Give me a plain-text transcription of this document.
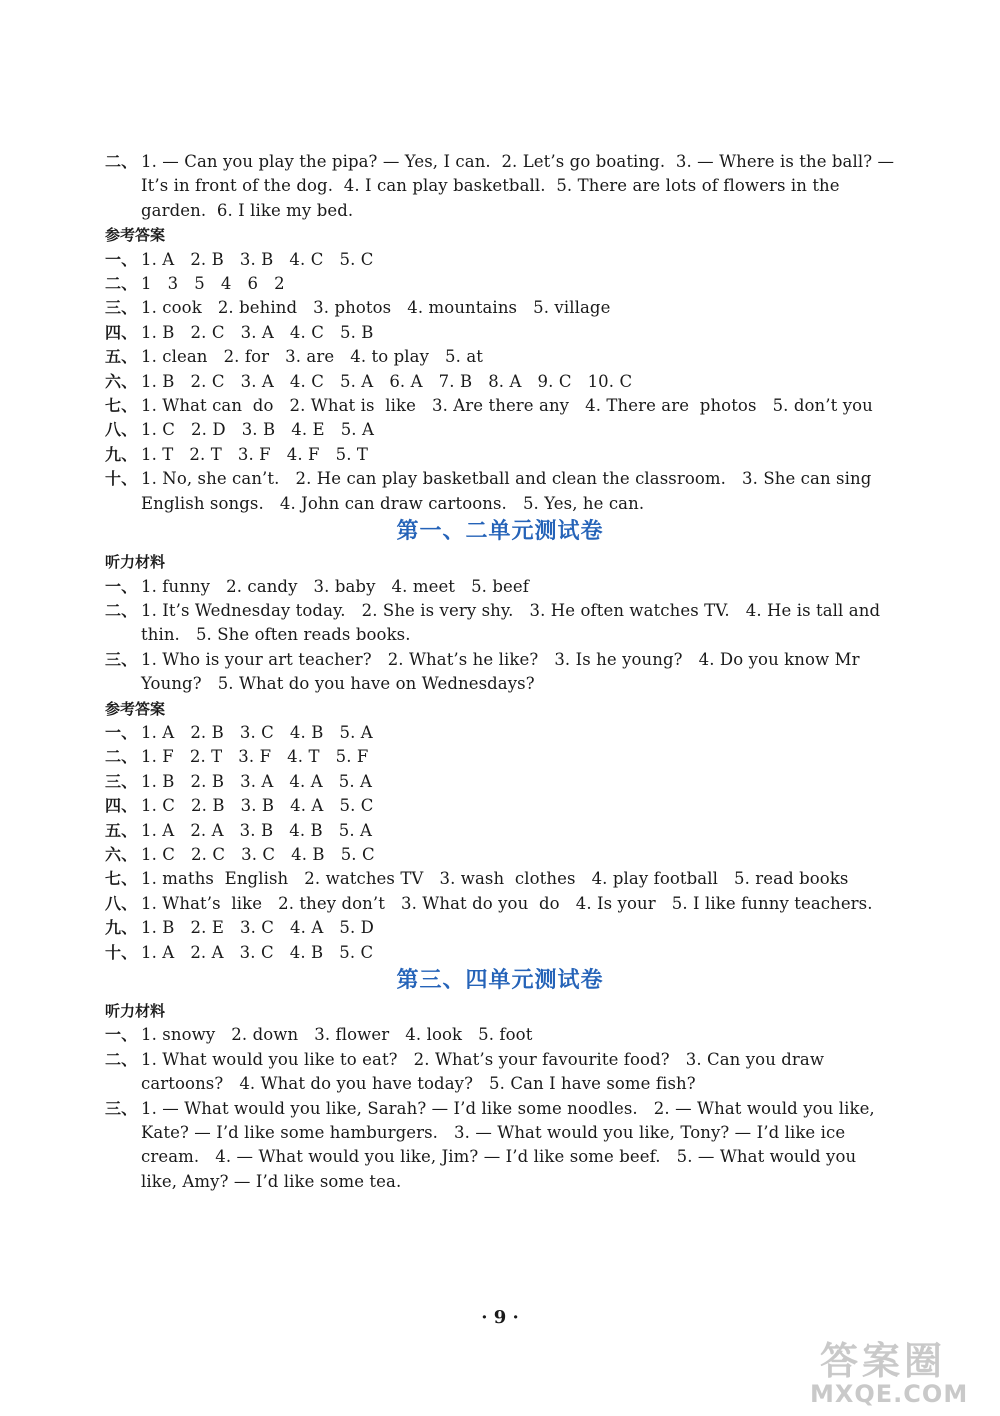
二、 1. — Can you play the pipa? — Yes, I can.  2. Let’s go boating.  3. — Where is the ball? — It’s in front of the dog.  4. I can play basketball.  5. There are lots of flowers in the garden.  6. I like my bed.
参考答案
一、 1. A   2. B   3. B   4. C   5. C
二、 1   3   5   4   6   2
三、 1. cook   2. behind   3. photos   4. mountains   5. village
四、 1. B   2. C   3. A   4. C   5. B
五、 1. clean   2. for   3. are   4. to play   5. at
六、 1. B   2. C   3. A   4. C   5. A   6. A   7. B   8. A   9. C   10. C
七、 1. What can  do   2. What is  like   3. Are there any   4. There are  photos   5. don’t you
八、 1. C   2. D   3. B   4. E   5. A
九、 1. T   2. T   3. F   4. F   5. T
十、 1. No, she can’t.   2. He can play basketball and clean the classroom.   3. She can sing English songs.   4. John can draw cartoons.   5. Yes, he can.
第一、二单元测试卷
听力材料
一、 1. funny   2. candy   3. baby   4. meet   5. beef
二、 1. It’s Wednesday today.   2. She is very shy.   3. He often watches TV.   4. He is tall and thin.   5. She often reads books.
三、 1. Who is your art teacher?   2. What’s he like?   3. Is he young?   4. Do you know Mr Young?   5. What do you have on Wednesdays?
参考答案
一、 1. A   2. B   3. C   4. B   5. A
二、 1. F   2. T   3. F   4. T   5. F
三、 1. B   2. B   3. A   4. A   5. A
四、 1. C   2. B   3. B   4. A   5. C
五、 1. A   2. A   3. B   4. B   5. A
六、 1. C   2. C   3. C   4. B   5. C
七、 1. maths  English   2. watches TV   3. wash  clothes   4. play football   5. read books
八、 1. What’s  like   2. they don’t   3. What do you  do   4. Is your   5. I like funny teachers.
九、 1. B   2. E   3. C   4. A   5. D
十、 1. A   2. A   3. C   4. B   5. C
第三、四单元测试卷
听力材料
一、 1. snowy   2. down   3. flower   4. look   5. foot
二、 1. What would you like to eat?   2. What’s your favourite food?   3. Can you draw cartoons?   4. What do you have today?   5. Can I have some fish?
三、 1. — What would you like, Sarah? — I’d like some noodles.   2. — What would you like, Kate? — I’d like some hamburgers.   3. — What would you like, Tony? — I’d like ice cream.   4. — What would you like, Jim? — I’d like some beef.   5. — What would you like, Amy? — I’d like some tea.
· 9 ·
答案圈
MXQE.COM
